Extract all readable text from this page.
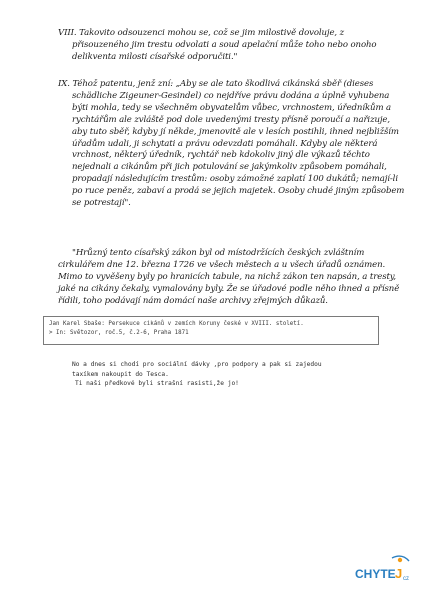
VIII. Takovito odsouzenci mohou se, což se jim milostivě dovoluje, z
přisouzeného jim trestu odvolati a soud apelační může toho nebo onoho
delikventa milosti císařské odporučiti."
IX. Téhož patentu, jenž zní: „Aby se ale tato škodlivá cikánská sběř (dieses
schädliche Zigeuner-Gesindel) co nejdříve právu dodána a úplně vyhubena
býti mohla, tedy se všechněm obyvatelům vůbec, vrchnostem, úředníkům a
rychtářům ale zvláště pod dole uvedenými tresty přísně poroučí a nařizuje,
aby tuto sběř, kdyby jí někde, jmenovitě ale v lesích postihli, ihned nejbližším
úřadům udali, ji schytati a právu odevzdati pomáhali. Kdyby ale některá
vrchnost, některý úředník, rychtář neb kdokoliv jiný dle výkazů těchto
nejednali a cikánům při jich potulování se jakýmkoliv způsobem pomáhali,
propadají následujícím trestům: osoby zámožné zaplatí 100 dukátů; nemají-li
po ruce peněz, zabaví a prodá se jejich majetek. Osoby chudé jiným způsobem
se potrestají".
"Hrůzný tento císařský zákon byl od místodržících českých zvláštním
cirkulářem dne 12. března 1726 ve všech městech a u všech úřadů oznámen.
Mimo to vyvěšeny byly po hranicích tabule, na nichž zákon ten napsán, a tresty,
jaké na cikány čekaly, vymalovány byly. Že se úřadové podle něho ihned a přísně
řídili, toho podávají nám domácí naše archivy zřejmých důkazů.
Jan Karel Sbaše: Persekuce cikánů v zemích Koruny české v XVIII. století.
> In: Světozor, roč.5, č.2-6, Praha 1871
No a dnes si chodí pro sociální dávky ,pro podpory a pak si zajedou
taxíkem nakoupit do Tesca.
Ti naši předkové byli strašní rasisti,že jo!
CHYTE J cz
